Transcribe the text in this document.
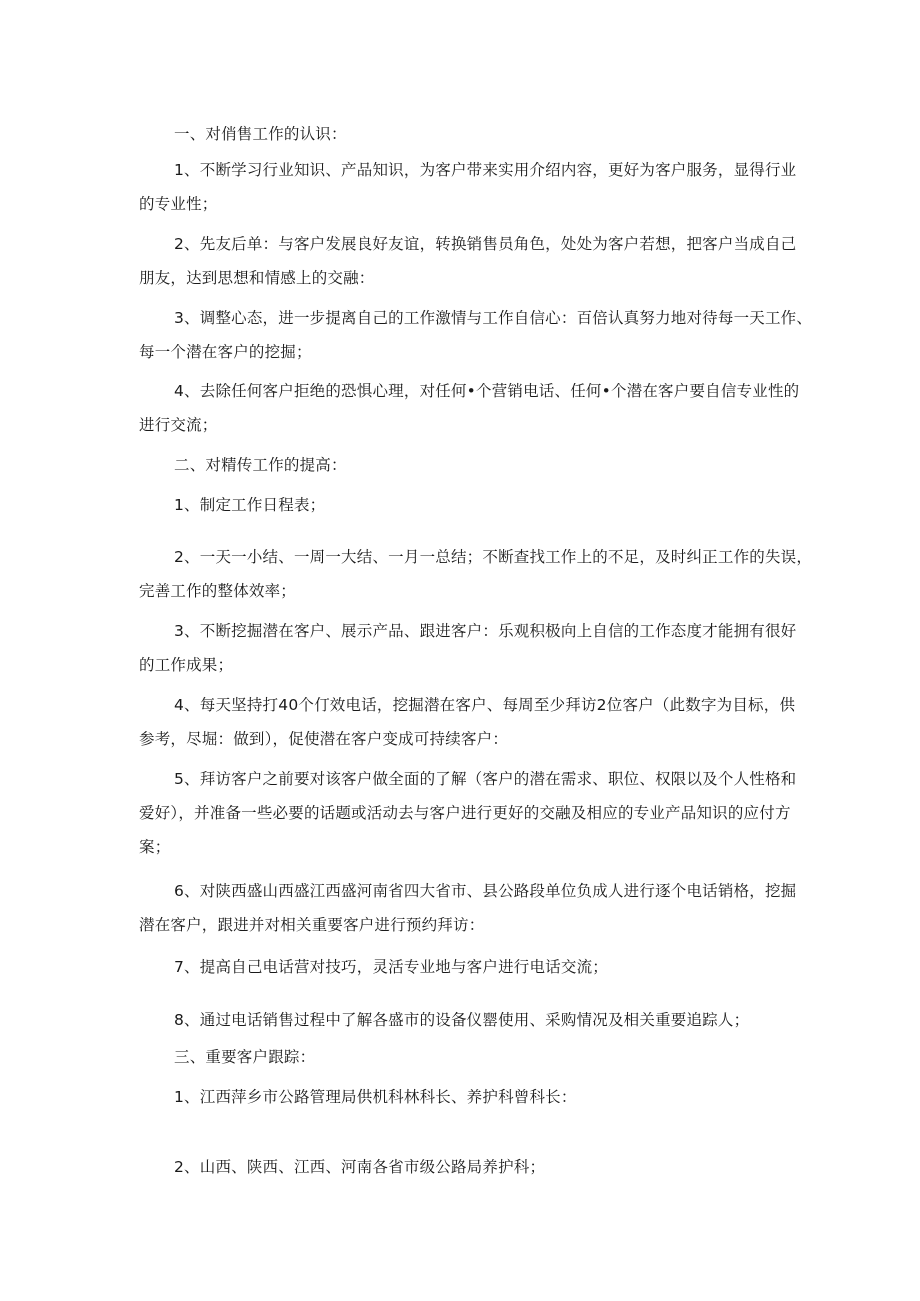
一、对俏售工作的认识：
1、不断学习行业知识、产品知识，为客户带来实用介绍内容，更好为客户服务，显得行业
的专业性；
2、先友后单：与客户发展良好友谊，转换销售员角色，处处为客户若想，把客户当成自己
朋友，达到思想和情感上的交融：
3、调整心态，进一步提离自己的工作激情与工作自信心：百倍认真努力地对待每一天工作、
每一个潜在客户的挖掘；
4、去除任何客户拒绝的恐惧心理，对任何•个营销电话、任何•个潜在客户要自信专业性的
进行交流；
二、对精传工作的提高：
1、制定工作日程表；
2、一天一小结、一周一大结、一月一总结；不断查找工作上的不足，及时纠正工作的失误，
完善工作的整体效率；
3、不断挖掘潜在客户、展示产品、跟进客户：乐观积极向上自信的工作态度才能拥有很好
的工作成果；
4、每天坚持打40个仃效电话，挖掘潜在客户、每周至少拜访2位客户（此数字为目标，供
参考，尽堀：做到），促使潜在客户变成可持续客户：
5、拜访客户之前要对该客户做全面的了解（客户的潜在需求、职位、权限以及个人性格和
爱好），并准备一些必要的话题或活动去与客户进行更好的交融及相应的专业产品知识的应付方
案；
6、对陕西盛山西盛江西盛河南省四大省市、县公路段单位负成人进行逐个电话销格，挖掘
潜在客户，跟进并对相关重要客户进行预约拜访：
7、提高自己电话营对技巧，灵活专业地与客户进行电话交流；
8、通过电话销售过程中了解各盛市的设备仪罂使用、采购情况及相关重要追踪人；
三、重要客户跟踪：
1、江西萍乡市公路管理局供机科林科长、养护科曾科长：
2、山西、陕西、江西、河南各省市级公路局养护科；
